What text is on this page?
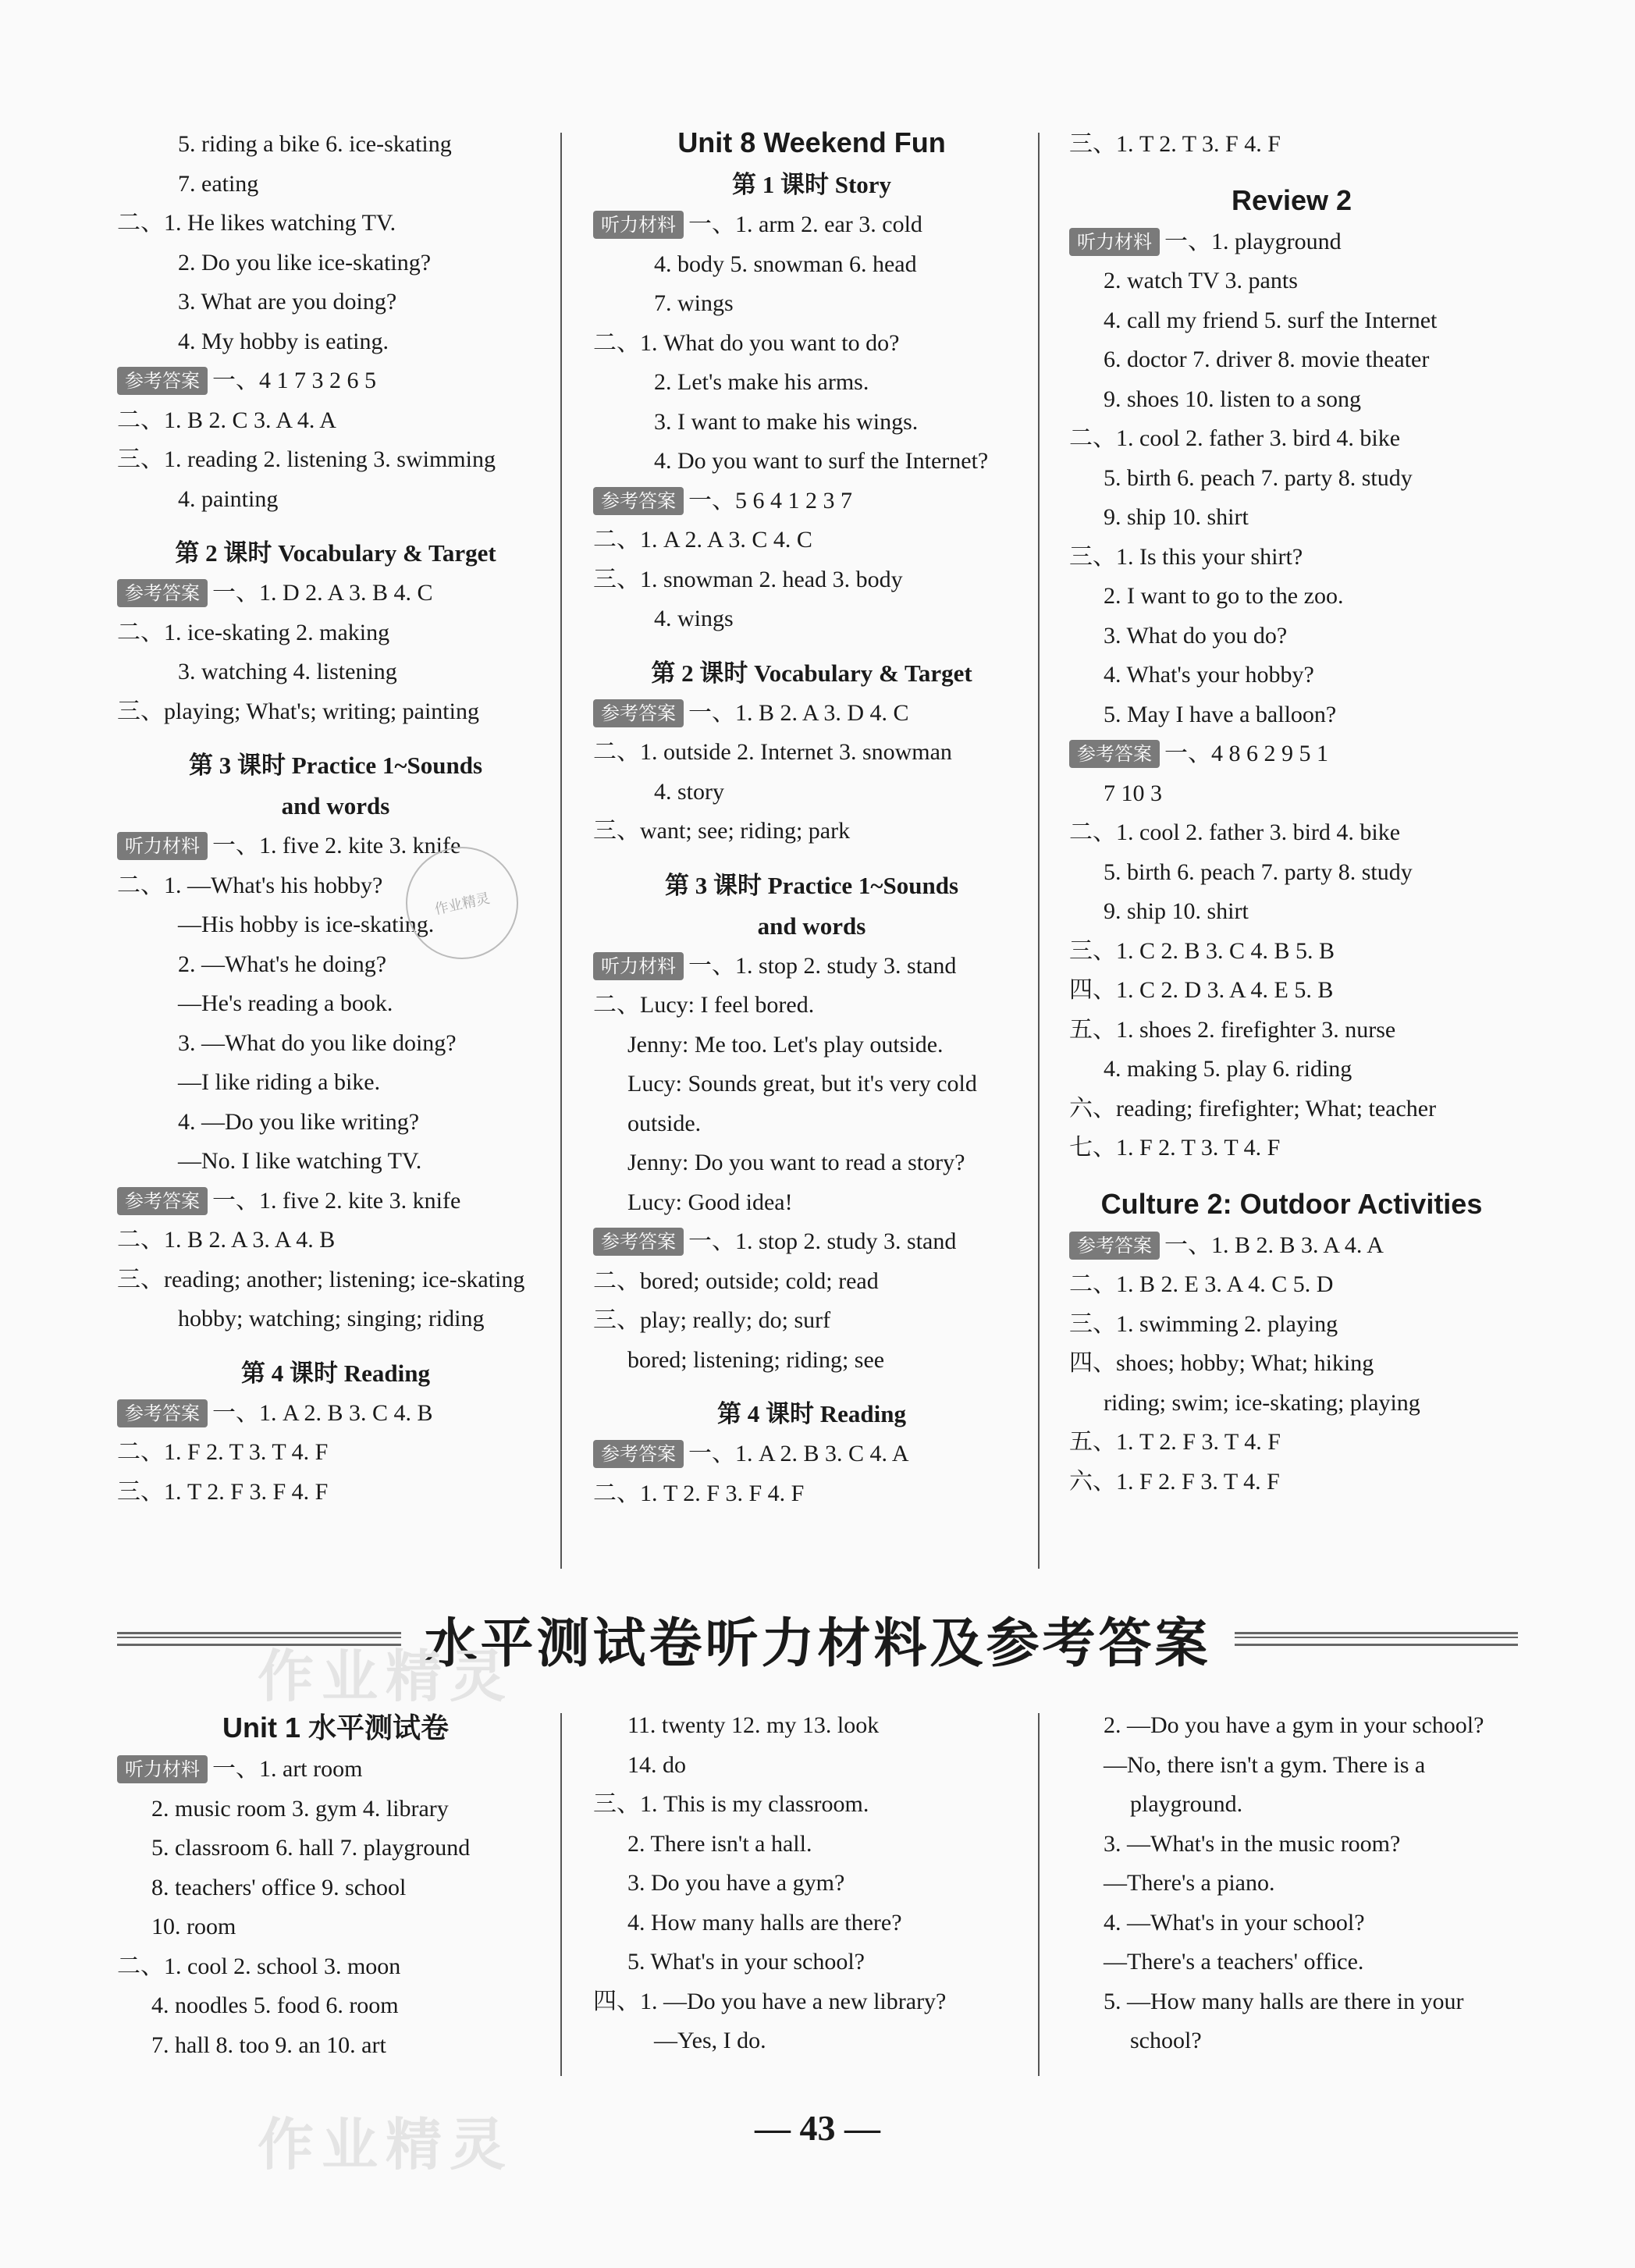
5. riding a bike 6. ice-skating
7. eating
二、1. He likes watching TV.
2. Do you like ice-skating?
3. What are you doing?
4. My hobby is eating.
参考答案 一、4 1 7 3 2 6 5
二、1. B 2. C 3. A 4. A
三、1. reading 2. listening 3. swimming
4. painting
第 2 课时 Vocabulary & Target
参考答案 一、1. D 2. A 3. B 4. C
二、1. ice-skating 2. making
3. watching 4. listening
三、playing; What's; writing; painting
第 3 课时 Practice 1~Sounds
and words
听力材料 一、1. five 2. kite 3. knife
二、1. —What's his hobby?
—His hobby is ice-skating.
2. —What's he doing?
—He's reading a book.
3. —What do you like doing?
—I like riding a bike.
4. —Do you like writing?
—No. I like watching TV.
参考答案 一、1. five 2. kite 3. knife
二、1. B 2. A 3. A 4. B
三、reading; another; listening; ice-skating
hobby; watching; singing; riding
第 4 课时 Reading
参考答案 一、1. A 2. B 3. C 4. B
二、1. F 2. T 3. T 4. F
三、1. T 2. F 3. F 4. F
Unit 8 Weekend Fun
第 1 课时 Story
听力材料 一、1. arm 2. ear 3. cold
4. body 5. snowman 6. head
7. wings
二、1. What do you want to do?
2. Let's make his arms.
3. I want to make his wings.
4. Do you want to surf the Internet?
参考答案 一、5 6 4 1 2 3 7
二、1. A 2. A 3. C 4. C
三、1. snowman 2. head 3. body
4. wings
第 2 课时 Vocabulary & Target
参考答案 一、1. B 2. A 3. D 4. C
二、1. outside 2. Internet 3. snowman
4. story
三、want; see; riding; park
第 3 课时 Practice 1~Sounds
and words
听力材料 一、1. stop 2. study 3. stand
二、Lucy: I feel bored.
Jenny: Me too. Let's play outside.
Lucy: Sounds great, but it's very cold
outside.
Jenny: Do you want to read a story?
Lucy: Good idea!
参考答案 一、1. stop 2. study 3. stand
二、bored; outside; cold; read
三、play; really; do; surf
bored; listening; riding; see
第 4 课时 Reading
参考答案 一、1. A 2. B 3. C 4. A
二、1. T 2. F 3. F 4. F
三、1. T 2. T 3. F 4. F
Review 2
听力材料 一、1. playground
2. watch TV 3. pants
4. call my friend 5. surf the Internet
6. doctor 7. driver 8. movie theater
9. shoes 10. listen to a song
二、1. cool 2. father 3. bird 4. bike
5. birth 6. peach 7. party 8. study
9. ship 10. shirt
三、1. Is this your shirt?
2. I want to go to the zoo.
3. What do you do?
4. What's your hobby?
5. May I have a balloon?
参考答案 一、4 8 6 2 9 5 1
7 10 3
二、1. cool 2. father 3. bird 4. bike
5. birth 6. peach 7. party 8. study
9. ship 10. shirt
三、1. C 2. B 3. C 4. B 5. B
四、1. C 2. D 3. A 4. E 5. B
五、1. shoes 2. firefighter 3. nurse
4. making 5. play 6. riding
六、reading; firefighter; What; teacher
七、1. F 2. T 3. T 4. F
Culture 2: Outdoor Activities
参考答案 一、1. B 2. B 3. A 4. A
二、1. B 2. E 3. A 4. C 5. D
三、1. swimming 2. playing
四、shoes; hobby; What; hiking
riding; swim; ice-skating; playing
五、1. T 2. F 3. T 4. F
六、1. F 2. F 3. T 4. F
水平测试卷听力材料及参考答案
Unit 1 水平测试卷
听力材料 一、1. art room
2. music room 3. gym 4. library
5. classroom 6. hall 7. playground
8. teachers' office 9. school
10. room
二、1. cool 2. school 3. moon
4. noodles 5. food 6. room
7. hall 8. too 9. an 10. art
11. twenty 12. my 13. look
14. do
三、1. This is my classroom.
2. There isn't a hall.
3. Do you have a gym?
4. How many halls are there?
5. What's in your school?
四、1. —Do you have a new library?
—Yes, I do.
2. —Do you have a gym in your school?
—No, there isn't a gym. There is a
playground.
3. —What's in the music room?
—There's a piano.
4. —What's in your school?
—There's a teachers' office.
5. —How many halls are there in your
school?
作业精灵
作业精灵
作业精灵	— 43 —
